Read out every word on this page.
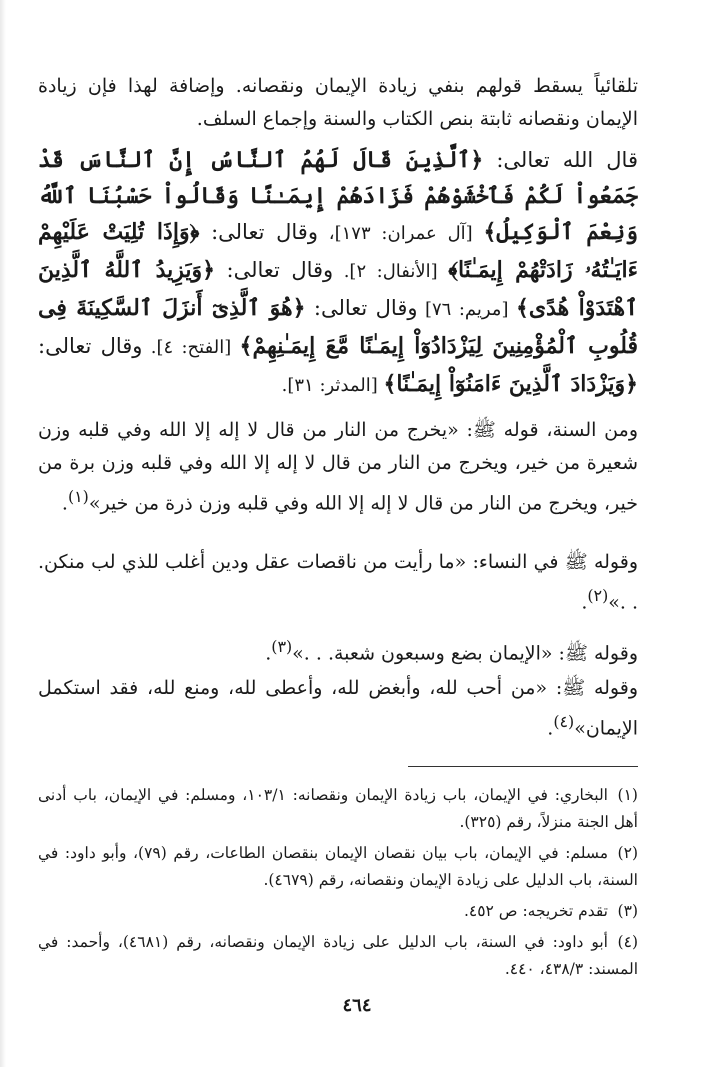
تلقائياً يسقط قولهم بنفي زيادة الإيمان ونقصانه. وإضافة لهذا فإن زيادة الإيمان ونقصانه ثابتة بنص الكتاب والسنة وإجماع السلف.

قال الله تعالى: ﴿ٱلَّذِينَ قَالَ لَهُمُ ٱلنَّاسُ إِنَّ ٱلنَّاسَ قَدْ جَمَعُواْ لَكُمْ فَٱخْشَوْهُمْ فَزَادَهُمْ إِيمَـٰنًا وَقَالُواْ حَسْبُنَا ٱللَّهُ وَنِعْمَ ٱلْوَكِيلُ﴾ [آل عمران: ١٧٣]، وقال تعالى: ﴿وَإِذَا تُلِيَتْ عَلَيْهِمْ ءَايَـٰتُهُۥ زَادَتْهُمْ إِيمَـٰنًا﴾ [الأنفال: ٢]. وقال تعالى: ﴿وَيَزِيدُ ٱللَّهُ ٱلَّذِينَ ٱهْتَدَوْاْ هُدًى﴾ [مريم: ٧٦] وقال تعالى: ﴿هُوَ ٱلَّذِىٓ أَنزَلَ ٱلسَّكِينَةَ فِى قُلُوبِ ٱلْمُؤْمِنِينَ لِيَزْدَادُوٓاْ إِيمَـٰنًا مَّعَ إِيمَـٰنِهِمْ﴾ [الفتح: ٤]. وقال تعالى: ﴿وَيَزْدَادَ ٱلَّذِينَ ءَامَنُوٓاْ إِيمَـٰنًا﴾ [المدثر: ٣١].

ومن السنة، قوله ﷺ: «يخرج من النار من قال لا إله إلا الله وفي قلبه وزن شعيرة من خير، ويخرج من النار من قال لا إله إلا الله وفي قلبه وزن برة من خير، ويخرج من النار من قال لا إله إلا الله وفي قلبه وزن ذرة من خير»$^{(١)}$.

وقوله ﷺ في النساء: «ما رأيت من ناقصات عقل ودين أغلب للذي لب منكن. . .»$^{(٢)}$.

وقوله ﷺ: «الإيمان بضع وسبعون شعبة. . .»$^{(٣)}$.

وقوله ﷺ: «من أحب لله، وأبغض لله، وأعطى لله، ومنع لله، فقد استكمل الإيمان»$^{(٤)}$.

(١)البخاري: في الإيمان، باب زيادة الإيمان ونقصانه: ١٠٣/١، ومسلم: في الإيمان، باب أدنى أهل الجنة منزلاً، رقم (٣٢٥).

(٢)مسلم: في الإيمان، باب بيان نقصان الإيمان بنقصان الطاعات، رقم (٧٩)، وأبو داود: في السنة، باب الدليل على زيادة الإيمان ونقصانه، رقم (٤٦٧٩).

(٣)تقدم تخريجه: ص ٤٥٢.

(٤)أبو داود: في السنة، باب الدليل على زيادة الإيمان ونقصانه، رقم (٤٦٨١)، وأحمد: في المسند: ٤٣٨/٣، ٤٤٠.

٤٦٤
